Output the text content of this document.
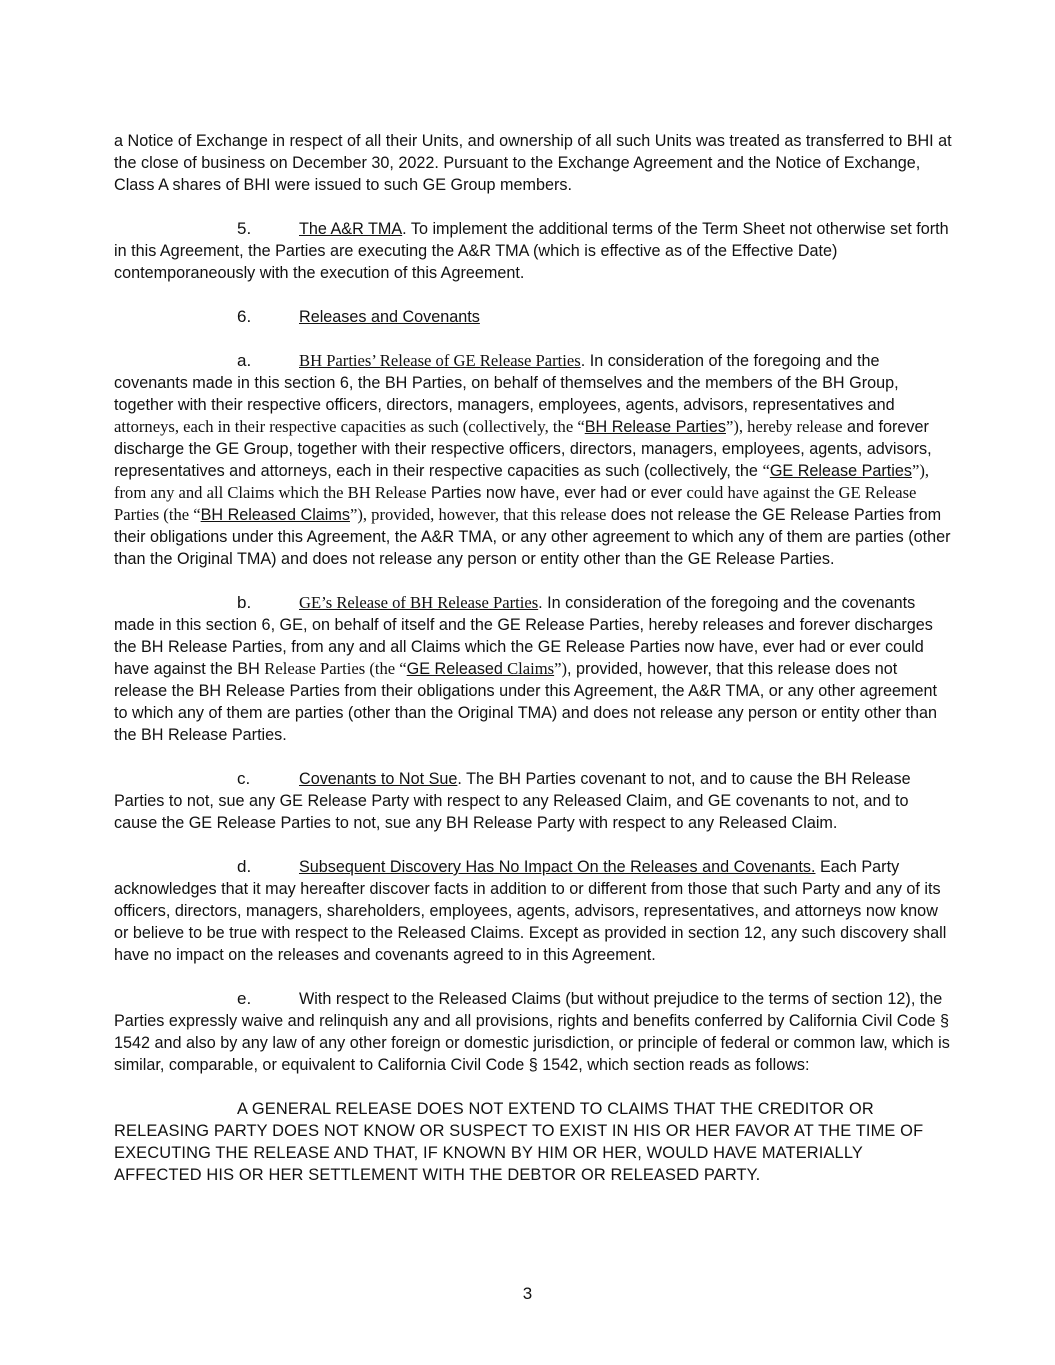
a Notice of Exchange in respect of all their Units, and ownership of all such Units was treated as transferred to BHI at the close of business on December 30, 2022. Pursuant to the Exchange Agreement and the Notice of Exchange, Class A shares of BHI were issued to such GE Group members.

5.	The A&R TMA. To implement the additional terms of the Term Sheet not otherwise set forth in this Agreement, the Parties are executing the A&R TMA (which is effective as of the Effective Date) contemporaneously with the execution of this Agreement.

6.	Releases and Covenants

a.	BH Parties’ Release of GE Release Parties. In consideration of the foregoing and the covenants made in this section 6, the BH Parties, on behalf of themselves and the members of the BH Group, together with their respective officers, directors, managers, employees, agents, advisors, representatives and attorneys, each in their respective capacities as such (collectively, the “BH Release Parties”), hereby release and forever discharge the GE Group, together with their respective officers, directors, managers, employees, agents, advisors, representatives and attorneys, each in their respective capacities as such (collectively, the “GE Release Parties”), from any and all Claims which the BH Release Parties now have, ever had or ever could have against the GE Release Parties (the “BH Released Claims”), provided, however, that this release does not release the GE Release Parties from their obligations under this Agreement, the A&R TMA, or any other agreement to which any of them are parties (other than the Original TMA) and does not release any person or entity other than the GE Release Parties.

b.	GE’s Release of BH Release Parties. In consideration of the foregoing and the covenants made in this section 6, GE, on behalf of itself and the GE Release Parties, hereby releases and forever discharges the BH Release Parties, from any and all Claims which the GE Release Parties now have, ever had or ever could have against the BH Release Parties (the “GE Released Claims”), provided, however, that this release does not release the BH Release Parties from their obligations under this Agreement, the A&R TMA, or any other agreement to which any of them are parties (other than the Original TMA) and does not release any person or entity other than the BH Release Parties.

c.	Covenants to Not Sue. The BH Parties covenant to not, and to cause the BH Release Parties to not, sue any GE Release Party with respect to any Released Claim, and GE covenants to not, and to cause the GE Release Parties to not, sue any BH Release Party with respect to any Released Claim.

d.	Subsequent Discovery Has No Impact On the Releases and Covenants. Each Party acknowledges that it may hereafter discover facts in addition to or different from those that such Party and any of its officers, directors, managers, shareholders, employees, agents, advisors, representatives, and attorneys now know or believe to be true with respect to the Released Claims. Except as provided in section 12, any such discovery shall have no impact on the releases and covenants agreed to in this Agreement.

e.	With respect to the Released Claims (but without prejudice to the terms of section 12), the Parties expressly waive and relinquish any and all provisions, rights and benefits conferred by California Civil Code § 1542 and also by any law of any other foreign or domestic jurisdiction, or principle of federal or common law, which is similar, comparable, or equivalent to California Civil Code § 1542, which section reads as follows:

A GENERAL RELEASE DOES NOT EXTEND TO CLAIMS THAT THE CREDITOR OR RELEASING PARTY DOES NOT KNOW OR SUSPECT TO EXIST IN HIS OR HER FAVOR AT THE TIME OF EXECUTING THE RELEASE AND THAT, IF KNOWN BY HIM OR HER, WOULD HAVE MATERIALLY AFFECTED HIS OR HER SETTLEMENT WITH THE DEBTOR OR RELEASED PARTY.

3
